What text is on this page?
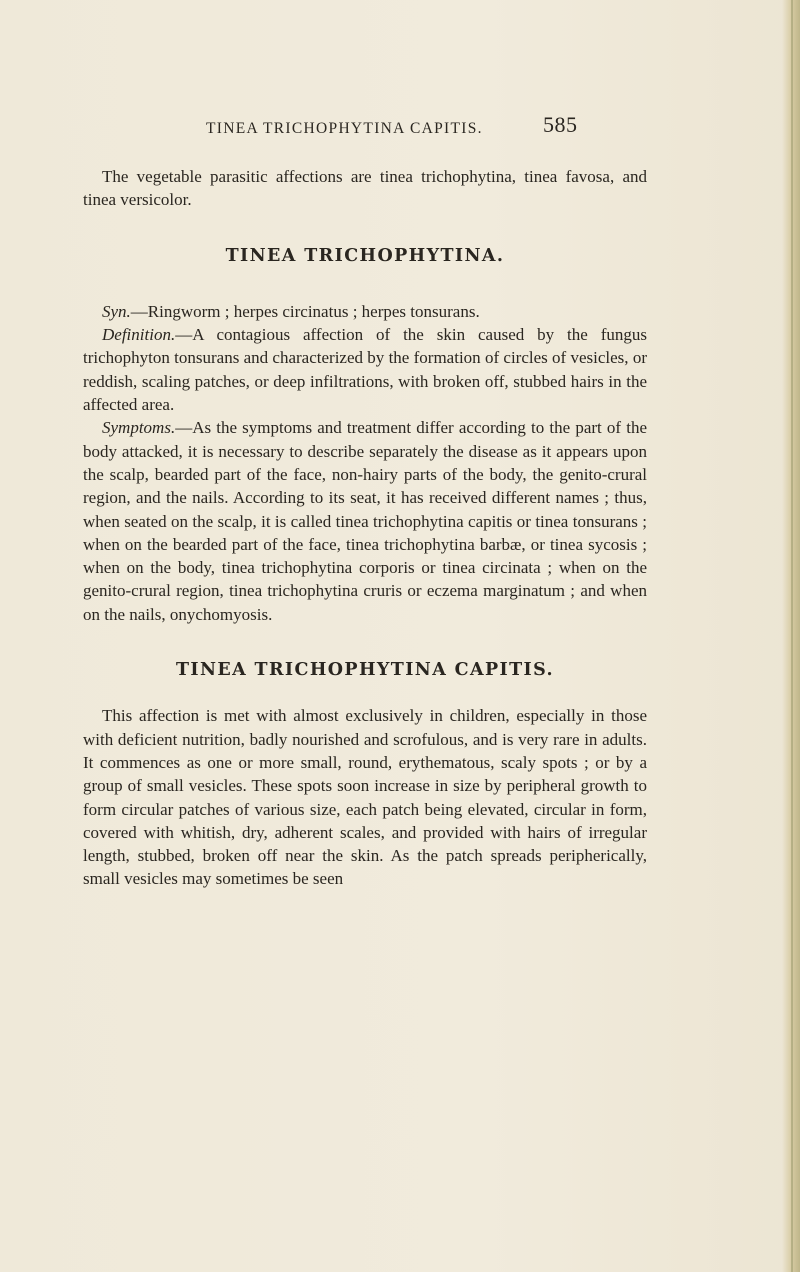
TINEA TRICHOPHYTINA CAPITIS.	585

The vegetable parasitic affections are tinea trichophytina, tinea favosa, and tinea versicolor.

TINEA TRICHOPHYTINA.

Syn.—Ringworm ; herpes circinatus ; herpes tonsurans.

Definition.—A contagious affection of the skin caused by the fungus trichophyton tonsurans and characterized by the formation of circles of vesicles, or reddish, scaling patches, or deep infiltrations, with broken off, stubbed hairs in the affected area.

Symptoms.—As the symptoms and treatment differ according to the part of the body attacked, it is necessary to describe separately the disease as it appears upon the scalp, bearded part of the face, non-hairy parts of the body, the genito-crural region, and the nails. According to its seat, it has received different names ; thus, when seated on the scalp, it is called tinea trichophytina capitis or tinea tonsurans ; when on the bearded part of the face, tinea trichophytina barbæ, or tinea sycosis ; when on the body, tinea trichophytina corporis or tinea circinata ; when on the genito-crural region, tinea trichophytina cruris or eczema marginatum ; and when on the nails, onychomyosis.

TINEA TRICHOPHYTINA CAPITIS.

This affection is met with almost exclusively in children, especially in those with deficient nutrition, badly nourished and scrofulous, and is very rare in adults. It commences as one or more small, round, erythematous, scaly spots ; or by a group of small vesicles. These spots soon increase in size by peripheral growth to form circular patches of various size, each patch being elevated, circular in form, covered with whitish, dry, adherent scales, and provided with hairs of irregular length, stubbed, broken off near the skin. As the patch spreads peripherically, small vesicles may sometimes be seen
